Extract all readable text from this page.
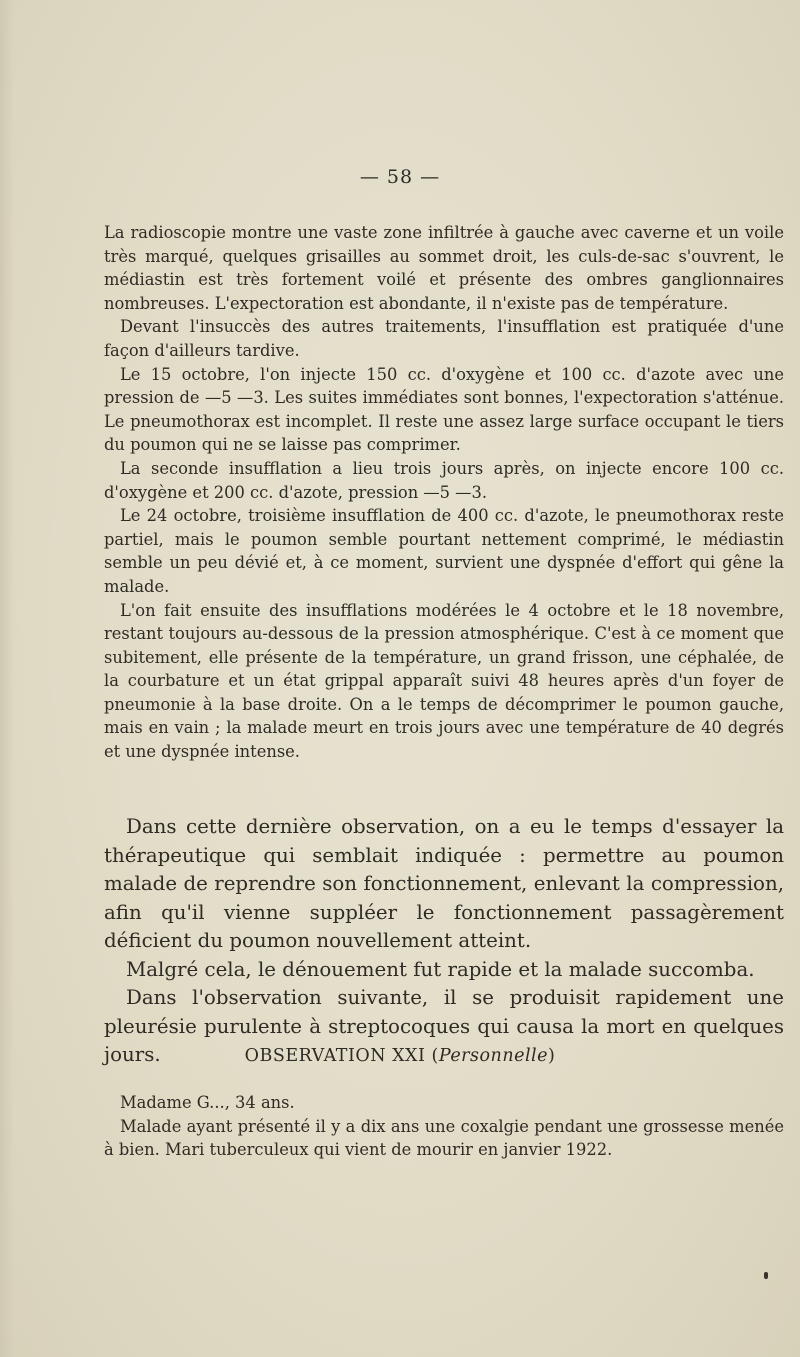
— 58 —

La radioscopie montre une vaste zone infiltrée à gauche avec caverne et un voile très marqué, quelques grisailles au sommet droit, les culs-de-sac s'ouvrent, le médiastin est très fortement voilé et présente des ombres ganglionnaires nombreuses. L'expectoration est abondante, il n'existe pas de température.

Devant l'insuccès des autres traitements, l'insufflation est pratiquée d'une façon d'ailleurs tardive.

Le 15 octobre, l'on injecte 150 cc. d'oxygène et 100 cc. d'azote avec une pression de —5 —3. Les suites immédiates sont bonnes, l'expectoration s'atténue. Le pneumothorax est incomplet. Il reste une assez large surface occupant le tiers du poumon qui ne se laisse pas comprimer.

La seconde insufflation a lieu trois jours après, on injecte encore 100 cc. d'oxygène et 200 cc. d'azote, pression —5 —3.

Le 24 octobre, troisième insufflation de 400 cc. d'azote, le pneumothorax reste partiel, mais le poumon semble pourtant nettement comprimé, le médiastin semble un peu dévié et, à ce moment, survient une dyspnée d'effort qui gêne la malade.

L'on fait ensuite des insufflations modérées le 4 octobre et le 18 novembre, restant toujours au-dessous de la pression atmosphérique. C'est à ce moment que subitement, elle présente de la température, un grand frisson, une céphalée, de la courbature et un état grippal apparaît suivi 48 heures après d'un foyer de pneumonie à la base droite. On a le temps de décomprimer le poumon gauche, mais en vain ; la malade meurt en trois jours avec une température de 40 degrés et une dyspnée intense.

Dans cette dernière observation, on a eu le temps d'essayer la thérapeutique qui semblait indiquée : permettre au poumon malade de reprendre son fonctionnement, enlevant la compression, afin qu'il vienne suppléer le fonctionnement passagèrement déficient du poumon nouvellement atteint.

Malgré cela, le dénouement fut rapide et la malade succomba.

Dans l'observation suivante, il se produisit rapidement une pleurésie purulente à streptocoques qui causa la mort en quelques jours.	OBSERVATION XXI (Personnelle)

Madame G..., 34 ans.

Malade ayant présenté il y a dix ans une coxalgie pendant une grossesse menée à bien. Mari tuberculeux qui vient de mourir en janvier 1922.
